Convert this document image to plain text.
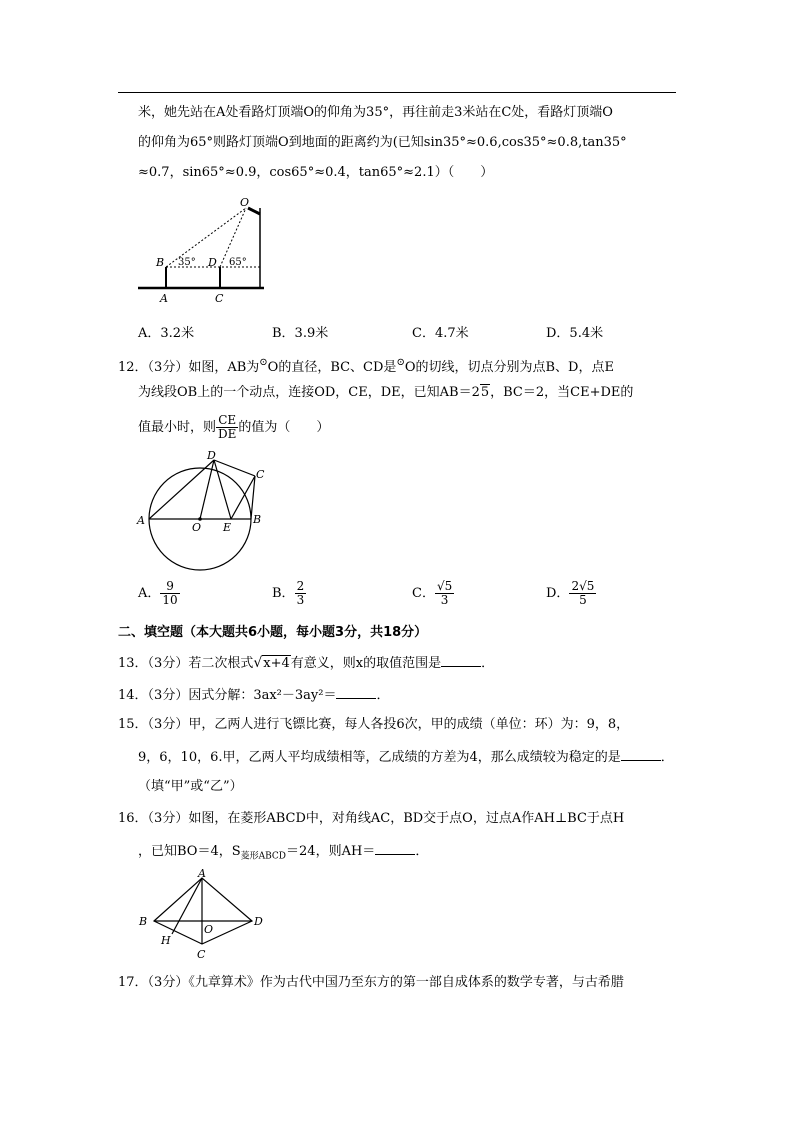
米，她先站在A处看路灯顶端O的仰角为35°，再往前走3米站在C处，看路灯顶端O
的仰角为65°则路灯顶端O到地面的距离约为(已知sin35°≈0.6,cos35°≈0.8,tan35°
≈0.7，sin65°≈0.9，cos65°≈0.4，tan65°≈2.1）（　　）
O
B	D
A	C
35°	65°
A．3.2米	B．3.9米	C．4.7米	D．5.4米
12．（3分）如图，AB为⊙O的直径，BC、CD是⊙O的切线，切点分别为点B、D，点E
为线段OB上的一个动点，连接OD，CE，DE，已知AB＝25，BC＝2，当CE+DE的
值最小时，则 $\frac{CE}{DE}$ 的值为（　　）
A	B
C
D
E
O
A． $\frac{9}{10}$	B． $\frac{2}{3}$	C． $\frac{√5}{3}$	D． $\frac{2√5}{5}$
二、填空题（本大题共6小题，每小题3分，共18分）
13．（3分）若二次根式√x+4有意义，则x的取值范围是	．
14．（3分）因式分解：3ax²－3ay²＝	．
15．（3分）甲，乙两人进行飞镖比赛，每人各投6次，甲的成绩（单位：环）为：9，8，
9，6，10，6.甲，乙两人平均成绩相等，乙成绩的方差为4，那么成绩较为稳定的是	．
（填“甲”或“乙”）
16．（3分）如图，在菱形ABCD中，对角线AC，BD交于点O，过点A作AH⊥BC于点H
，已知BO＝4，$S_{菱形ABCD}=24$，则AH＝	．
A
B	D
C
H
O
17．（3分）《九章算术》作为古代中国乃至东方的第一部自成体系的数学专著，与古希腊
